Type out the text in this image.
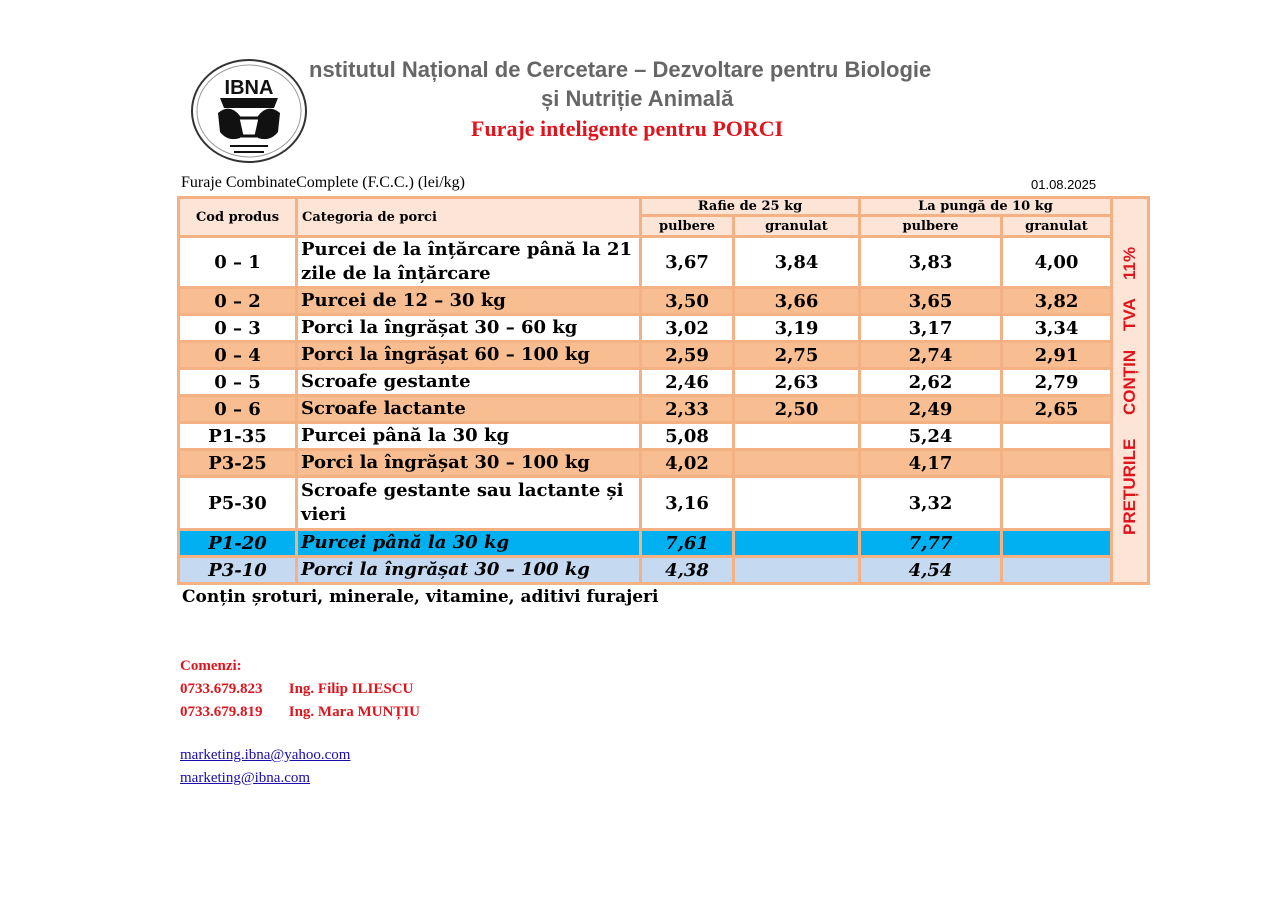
IBNA
nstitutul Național de Cercetare – Dezvoltare pentru Biologie
și Nutriție Animală
Furaje inteligente pentru PORCI
Furaje CombinateComplete (F.C.C.) (lei/kg)	01.08.2025
Cod produs	Categoria de porci	Rafie de 25 kg		La pungă de 10 kg		PREȚURILE     CONȚIN    TVA    11%

		pulbere	granulat	pulbere	granulat	
0 – 1	Purcei de la înțărcare până la 21 zile de la înțărcare	3,67	3,84	3,83	4,00	
0 – 2	Purcei de 12 – 30 kg	3,50	3,66	3,65	3,82	
0 – 3	Porci la îngrășat 30 – 60 kg	3,02	3,19	3,17	3,34	
0 – 4	Porci la îngrășat 60 – 100 kg	2,59	2,75	2,74	2,91	
0 – 5	Scroafe gestante	2,46	2,63	2,62	2,79	
0 – 6	Scroafe lactante	2,33	2,50	2,49	2,65	
P1-35	Purcei până la 30 kg	5,08		5,24		
P3-25	Porci la îngrășat 30 – 100 kg	4,02		4,17		
P5-30	Scroafe gestante sau lactante și vieri	3,16		3,32		
P1-20	Purcei până la 30 kg	7,61		7,77		
P3-10	Porci la îngrășat 30 – 100 kg	4,38		4,54		
Conțin șroturi, minerale, vitamine, aditivi furajeri
Comenzi:
0733.679.823 Ing. Filip ILIESCU
0733.679.819 Ing. Mara MUNȚIU
marketing.ibna@yahoo.com
marketing@ibna.com
